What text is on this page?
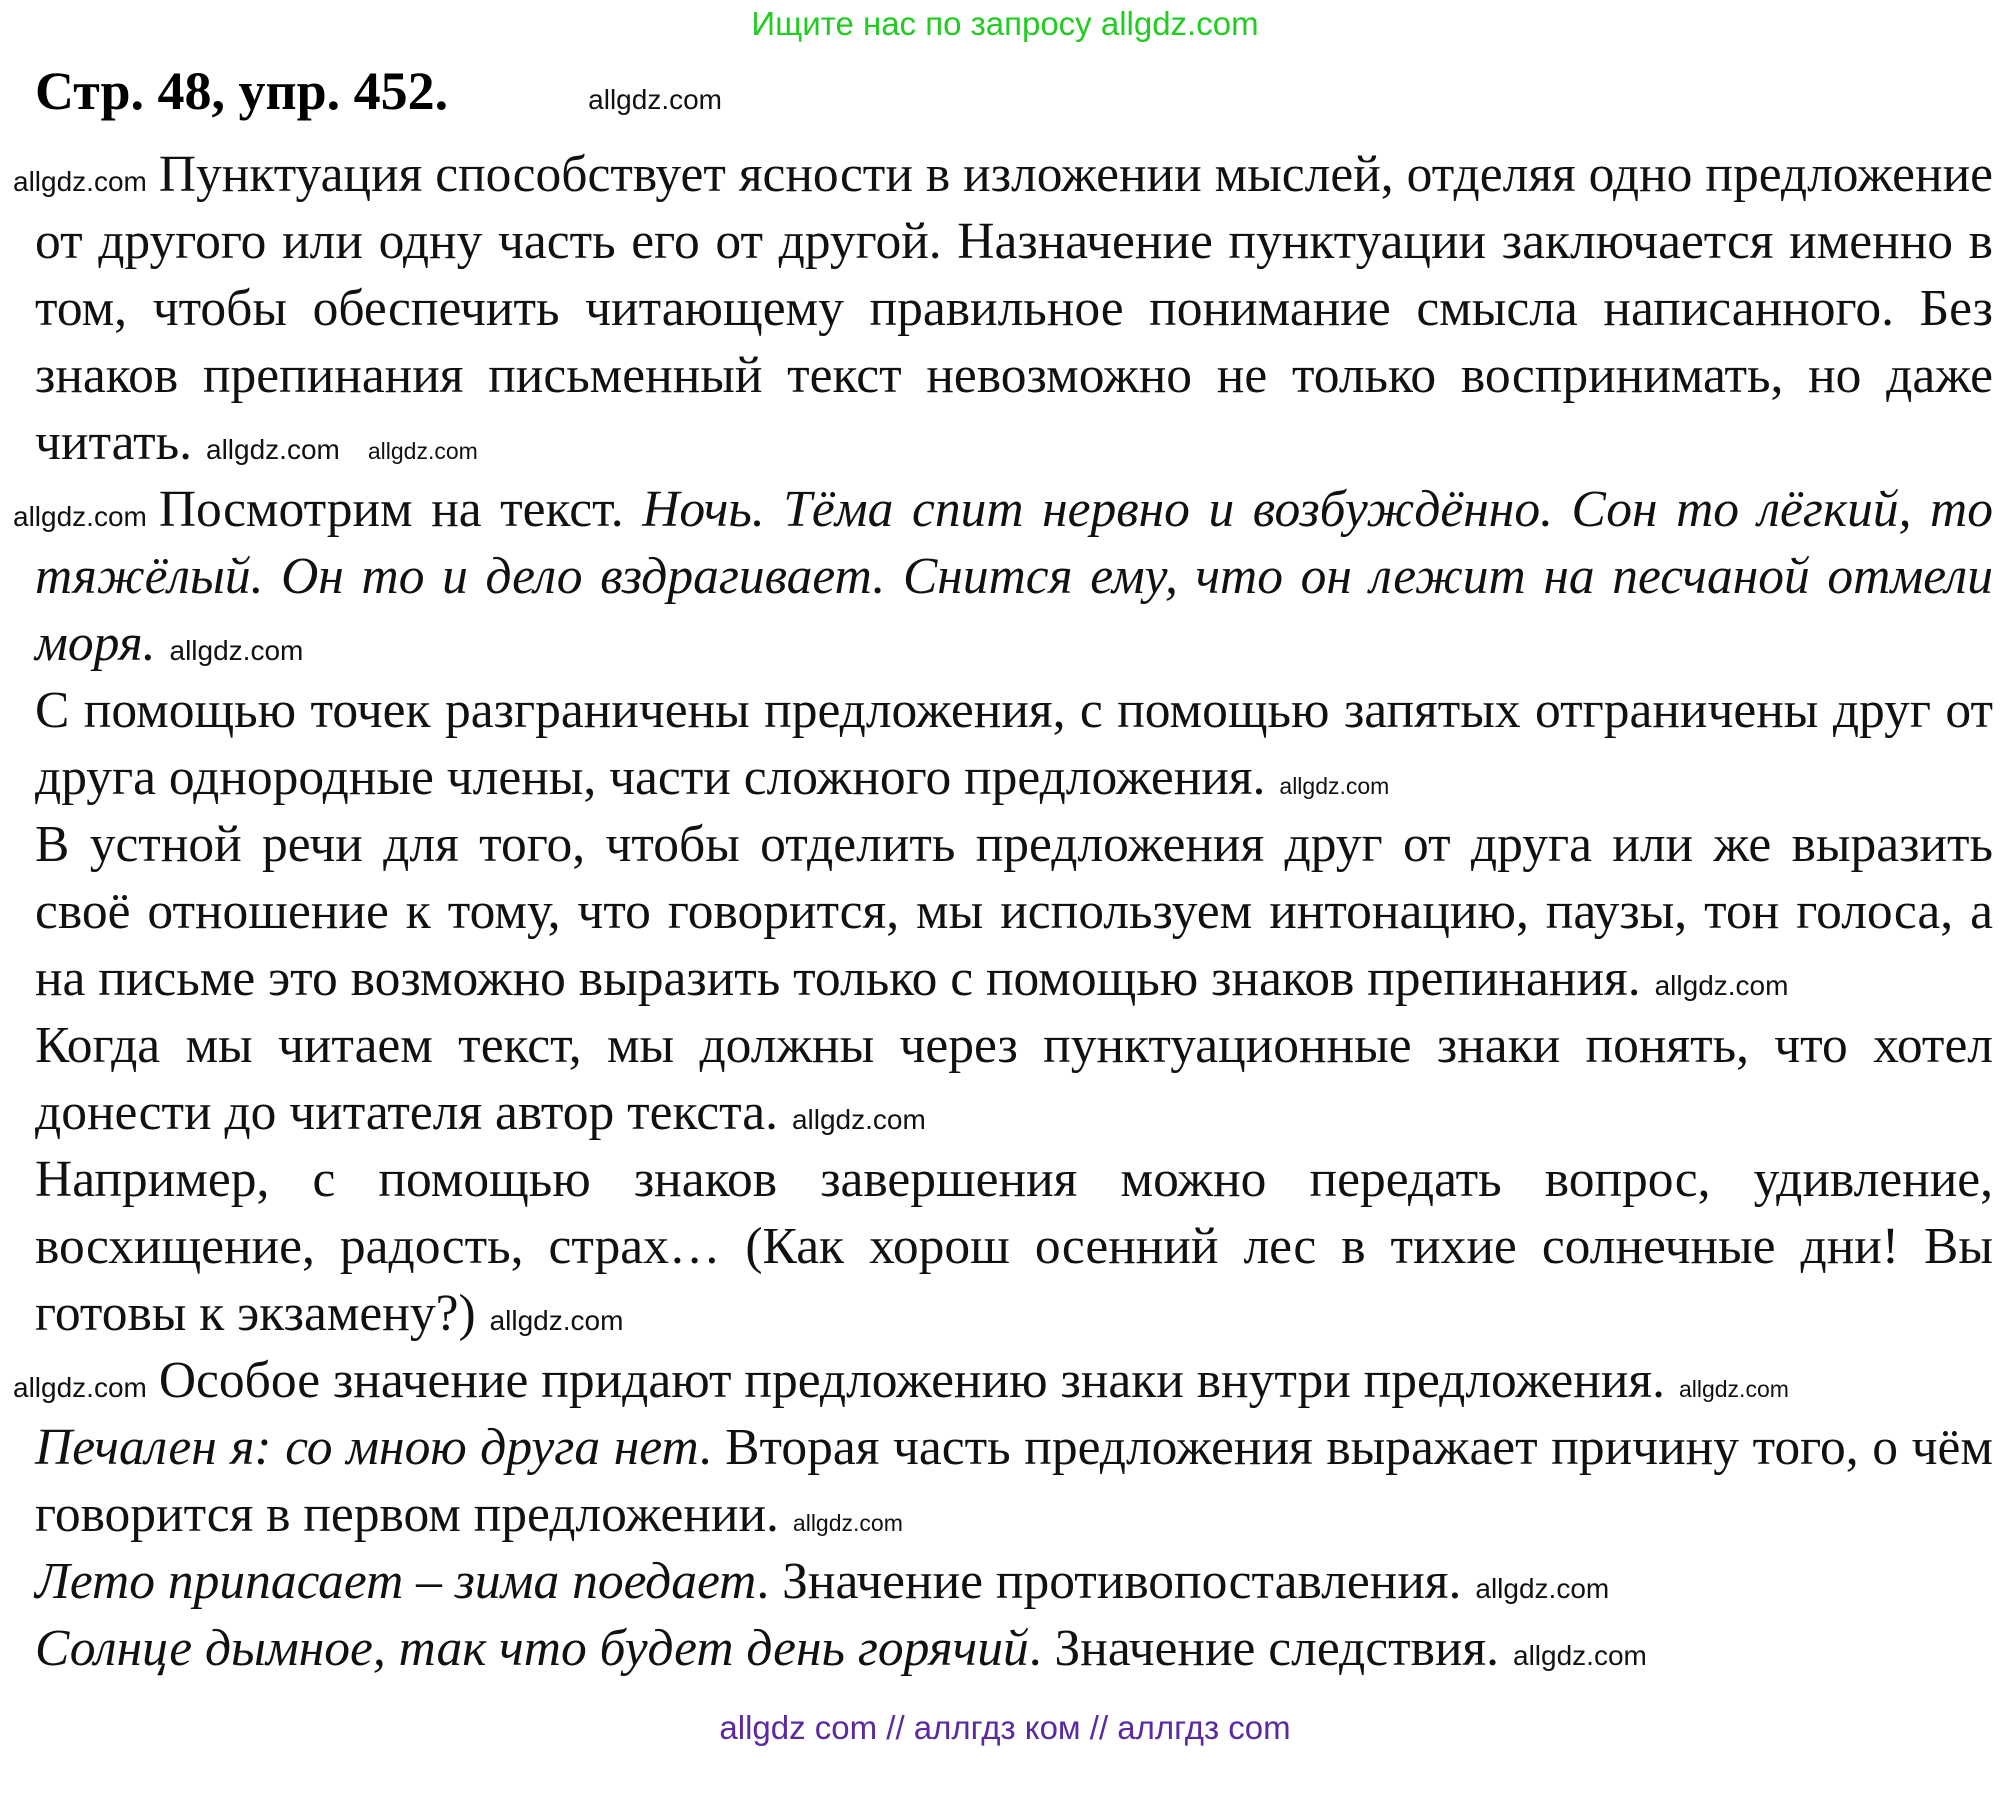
Ищите нас по запросу allgdz.com
Стр. 48, упр. 452.	allgdz.com

allgdz.com Пунктуация способствует ясности в изложении мыслей, отделяя одно предложение от другого или одну часть его от другой. Назначение пунктуации заключается именно в том, чтобы обеспечить читающему правильное понимание смысла написанного. Без знаков препинания письменный текст невозможно не только воспринимать, но даже читать. allgdz.com allgdz.com

allgdz.com Посмотрим на текст. Ночь. Тёма спит нервно и возбуждённо. Сон то лёгкий, то тяжёлый. Он то и дело вздрагивает. Снится ему, что он лежит на песчаной отмели моря. allgdz.com

С помощью точек разграничены предложения, с помощью запятых отграничены друг от друга однородные члены, части сложного предложения. allgdz.com

В устной речи для того, чтобы отделить предложения друг от друга или же выразить своё отношение к тому, что говорится, мы используем интонацию, паузы, тон голоса, а на письме это возможно выразить только с помощью знаков препинания. allgdz.com

Когда мы читаем текст, мы должны через пунктуационные знаки понять, что хотел донести до читателя автор текста. allgdz.com

Например, с помощью знаков завершения можно передать вопрос, удивление, восхищение, радость, страх… (Как хорош осенний лес в тихие солнечные дни! Вы готовы к экзамену?) allgdz.com

allgdz.com Особое значение придают предложению знаки внутри предложения. allgdz.com

Печален я: со мною друга нет. Вторая часть предложения выражает причину того, о чём говорится в первом предложении. allgdz.com

Лето припасает – зима поедает. Значение противопоставления. allgdz.com

Солнце дымное, так что будет день горячий. Значение следствия. allgdz.com

allgdz com // аллгдз ком // аллгдз com
